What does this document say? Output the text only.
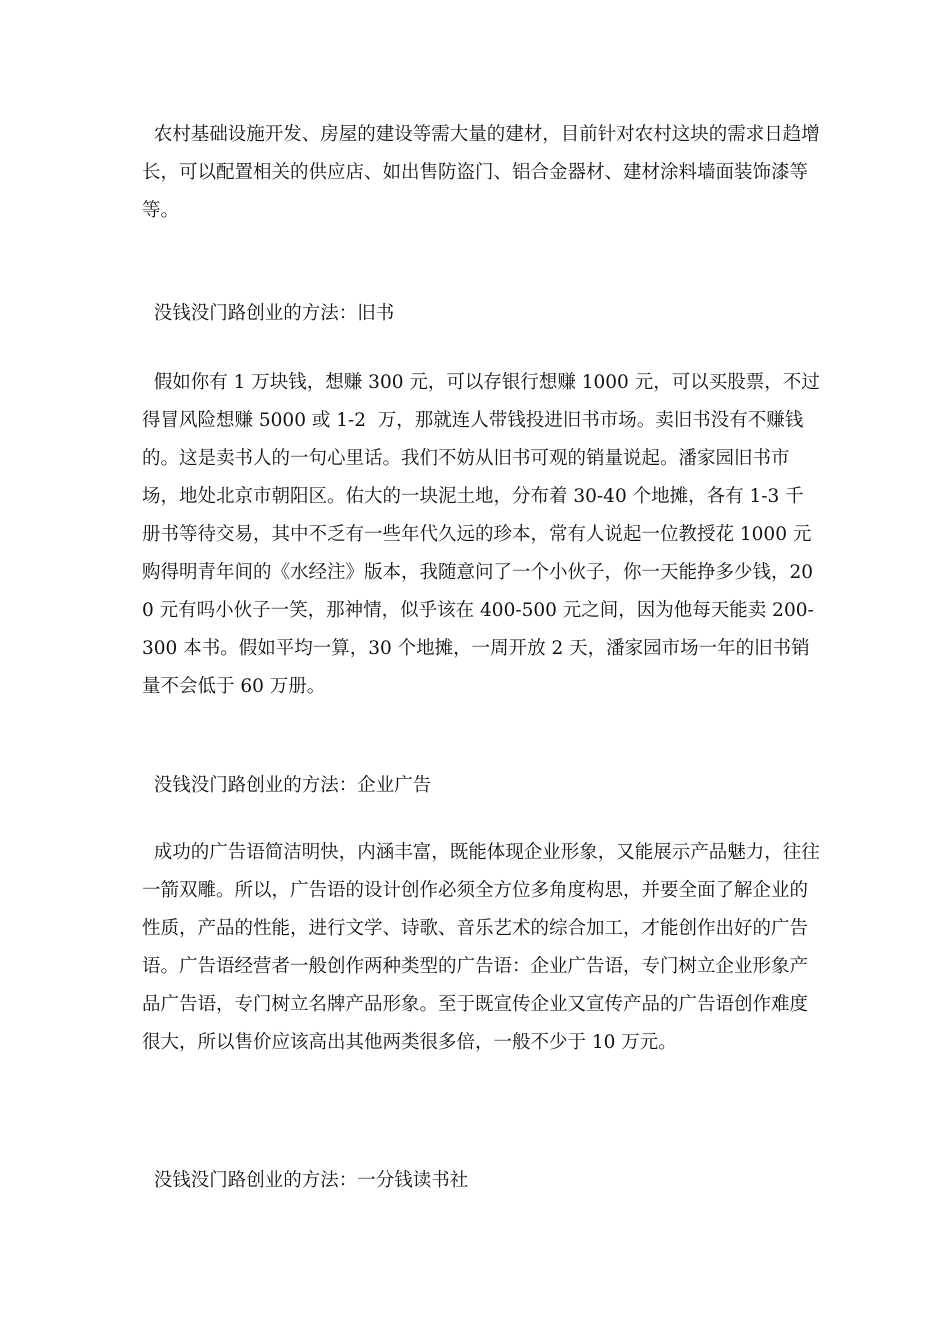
农村基础设施开发、房屋的建设等需大量的建材，目前针对农村这块的需求日趋增长，可以配置相关的供应店、如出售防盗门、铝合金器材、建材涂料墙面装饰漆等等。

没钱没门路创业的方法：旧书

假如你有 1 万块钱，想赚 300 元，可以存银行想赚 1000 元，可以买股票，不过得冒风险想赚 5000 或 1-2  万，那就连人带钱投进旧书市场。卖旧书没有不赚钱的。这是卖书人的一句心里话。我们不妨从旧书可观的销量说起。潘家园旧书市场，地处北京市朝阳区。佑大的一块泥土地，分布着 30-40 个地摊，各有 1-3 千册书等待交易，其中不乏有一些年代久远的珍本，常有人说起一位教授花 1000 元购得明青年间的《水经注》版本，我随意问了一个小伙子，你一天能挣多少钱，200 元有吗小伙子一笑，那神情，似乎该在 400-500 元之间，因为他每天能卖 200-300 本书。假如平均一算，30 个地摊，一周开放 2 天，潘家园市场一年的旧书销量不会低于 60 万册。

没钱没门路创业的方法：企业广告

成功的广告语简洁明快，内涵丰富，既能体现企业形象，又能展示产品魅力，往往一箭双雕。所以，广告语的设计创作必须全方位多角度构思，并要全面了解企业的性质，产品的性能，进行文学、诗歌、音乐艺术的综合加工，才能创作出好的广告语。广告语经营者一般创作两种类型的广告语：企业广告语，专门树立企业形象产品广告语，专门树立名牌产品形象。至于既宣传企业又宣传产品的广告语创作难度很大，所以售价应该高出其他两类很多倍，一般不少于 10 万元。

没钱没门路创业的方法：一分钱读书社
